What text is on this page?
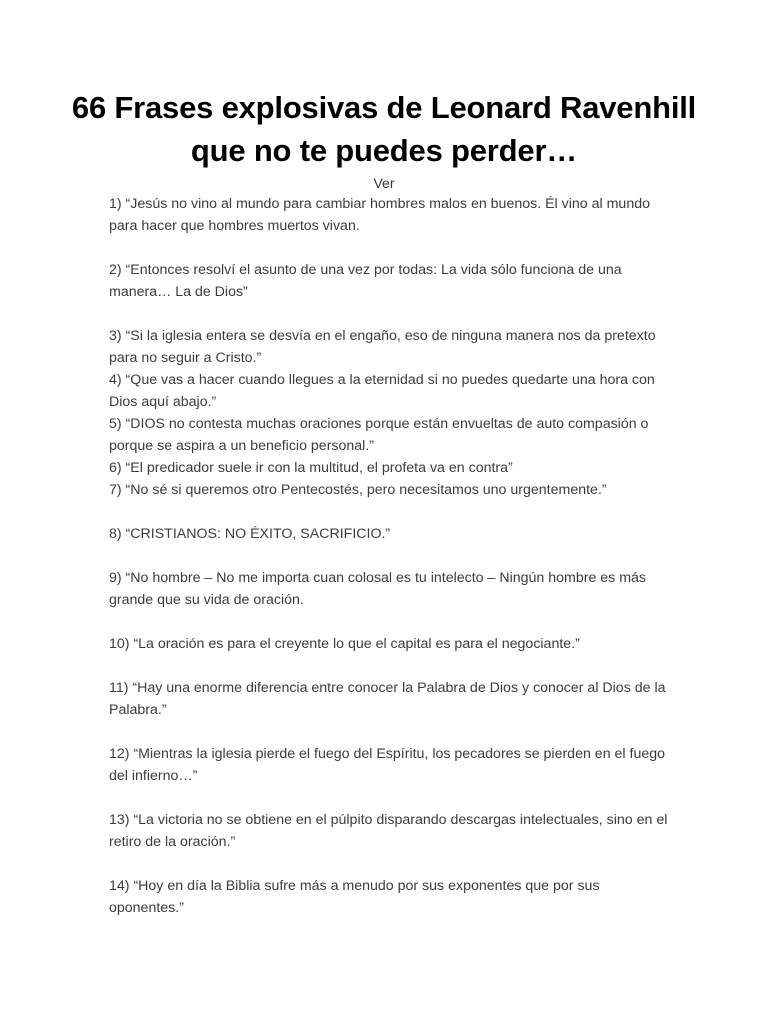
66 Frases explosivas de Leonard Ravenhill que no te puedes perder…
Ver

1) “Jesús no vino al mundo para cambiar hombres malos en buenos. Él vino al mundo para hacer que hombres muertos vivan.

2) “Entonces resolví el asunto de una vez por todas: La vida sólo funciona de una manera… La de Dios”

3) “Si la iglesia entera se desvía en el engaño, eso de ninguna manera nos da pretexto para no seguir a Cristo.”

4) “Que vas a hacer cuando llegues a la eternidad si no puedes quedarte una hora con Dios aquí abajo.”

5) “DIOS no contesta muchas oraciones porque están envueltas de auto compasión o porque se aspira a un beneficio personal.”

6) “El predicador suele ir con la multitud, el profeta va en contra”

7) “No sé si queremos otro Pentecostés, pero necesitamos uno urgentemente.”

8) “CRISTIANOS: NO ÉXITO, SACRIFICIO.”

9) “No hombre – No me importa cuan colosal es tu intelecto – Ningún hombre es más grande que su vida de oración.

10) “La oración es para el creyente lo que el capital es para el negociante.”

11) “Hay una enorme diferencia entre conocer la Palabra de Dios y conocer al Dios de la Palabra.”

12) “Mientras la iglesia pierde el fuego del Espíritu, los pecadores se pierden en el fuego del infierno…”

13) “La victoria no se obtiene en el púlpito disparando descargas intelectuales, sino en el retiro de la oración.”

14) “Hoy en día la Biblia sufre más a menudo por sus exponentes que por sus oponentes.”
